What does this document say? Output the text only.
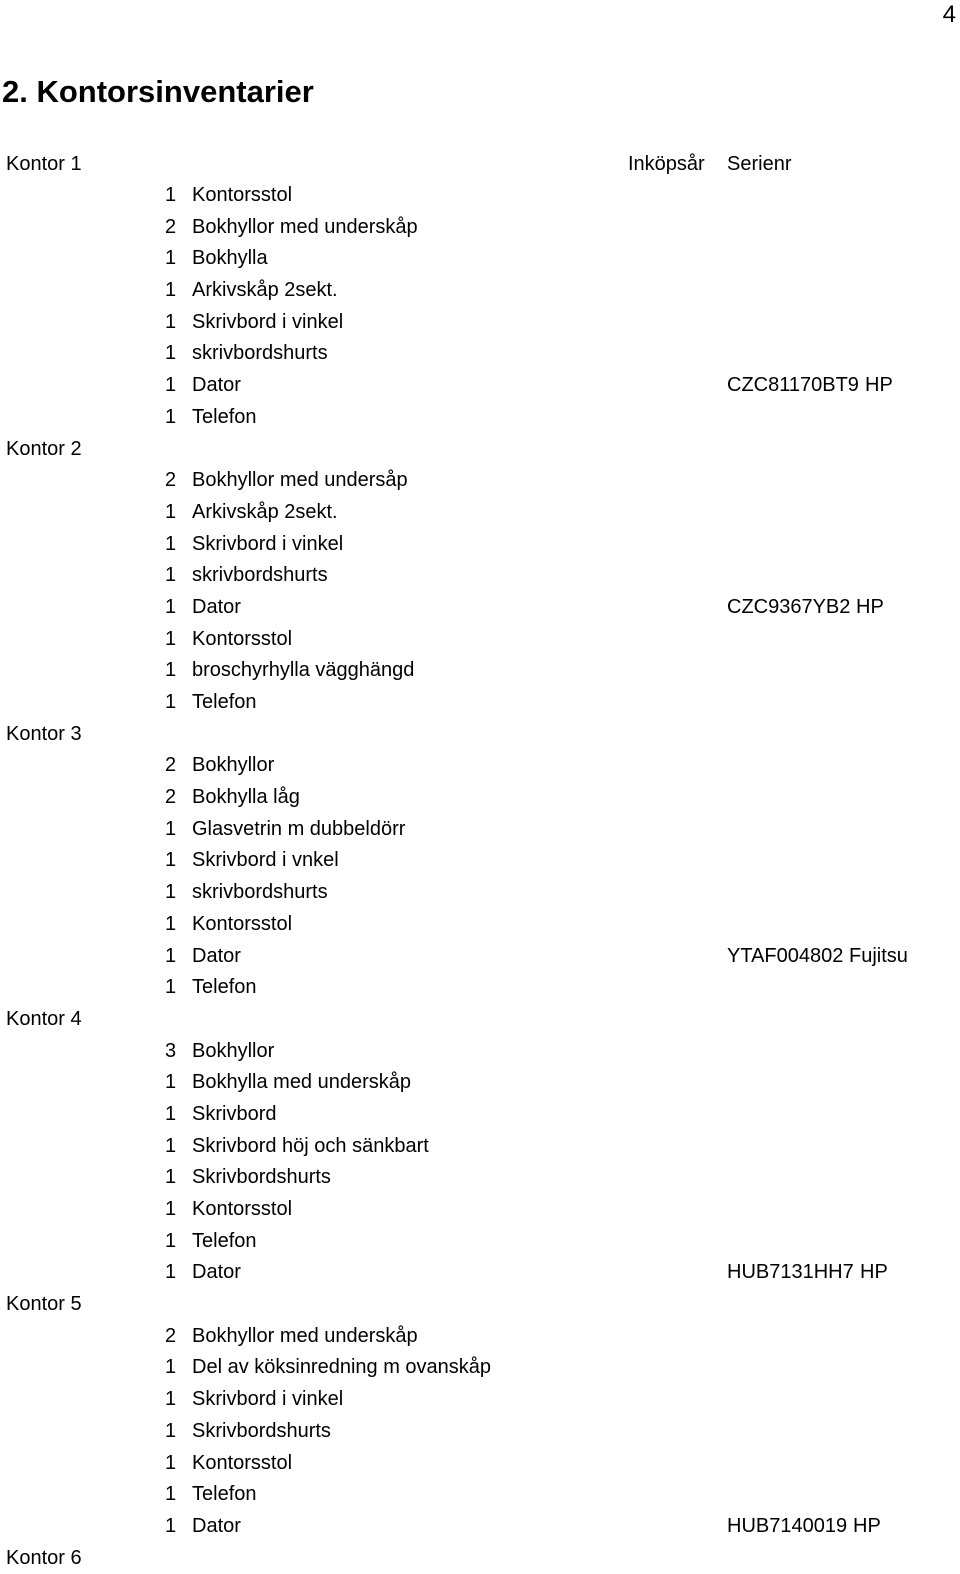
4
2. Kontorsinventarier
Kontor 1	Inköpsår Serienr
1 Kontorsstol
2 Bokhyllor med underskåp
1 Bokhylla
1 Arkivskåp 2sekt.
1 Skrivbord i vinkel
1 skrivbordshurts
1 Dator	CZC81170BT9 HP
1 Telefon
Kontor 2
2 Bokhyllor med undersåp
1 Arkivskåp 2sekt.
1 Skrivbord i vinkel
1 skrivbordshurts
1 Dator	CZC9367YB2 HP
1 Kontorsstol
1 broschyrhylla vägghängd
1 Telefon
Kontor 3
2 Bokhyllor
2 Bokhylla låg
1 Glasvetrin m dubbeldörr
1 Skrivbord i vnkel
1 skrivbordshurts
1 Kontorsstol
1 Dator	YTAF004802 Fujitsu
1 Telefon
Kontor 4
3 Bokhyllor
1 Bokhylla med underskåp
1 Skrivbord
1 Skrivbord höj och sänkbart
1 Skrivbordshurts
1 Kontorsstol
1 Telefon
1 Dator	HUB7131HH7 HP
Kontor 5
2 Bokhyllor med underskåp
1 Del av köksinredning m ovanskåp
1 Skrivbord i vinkel
1 Skrivbordshurts
1 Kontorsstol
1 Telefon
1 Dator	HUB7140019 HP
Kontor 6
